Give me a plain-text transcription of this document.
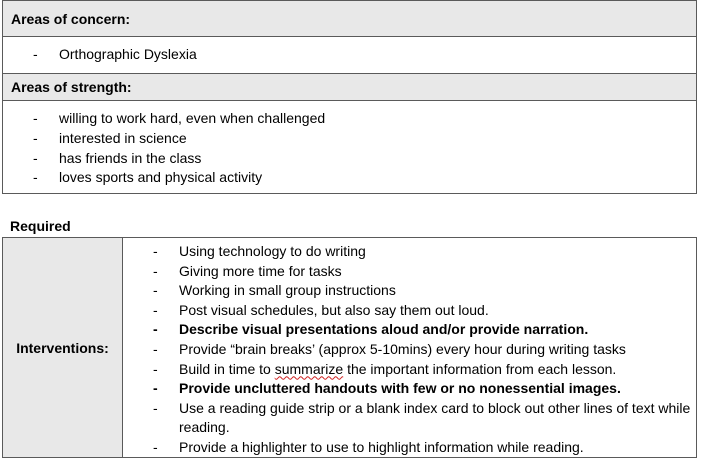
Areas of concern:
- Orthographic Dyslexia
Areas of strength:
- willing to work hard, even when challenged
- interested in science
- has friends in the class
- loves sports and physical activity
Required
Interventions:
- Using technology to do writing
- Giving more time for tasks
- Working in small group instructions
- Post visual schedules, but also say them out loud.
- Describe visual presentations aloud and/or provide narration.
- Provide “brain breaks’ (approx 5-10mins) every hour during writing tasks
- Build in time to summarize the important information from each lesson.
- Provide uncluttered handouts with few or no nonessential images.
- Use a reading guide strip or a blank index card to block out other lines of text while reading.
- Provide a highlighter to use to highlight information while reading.
